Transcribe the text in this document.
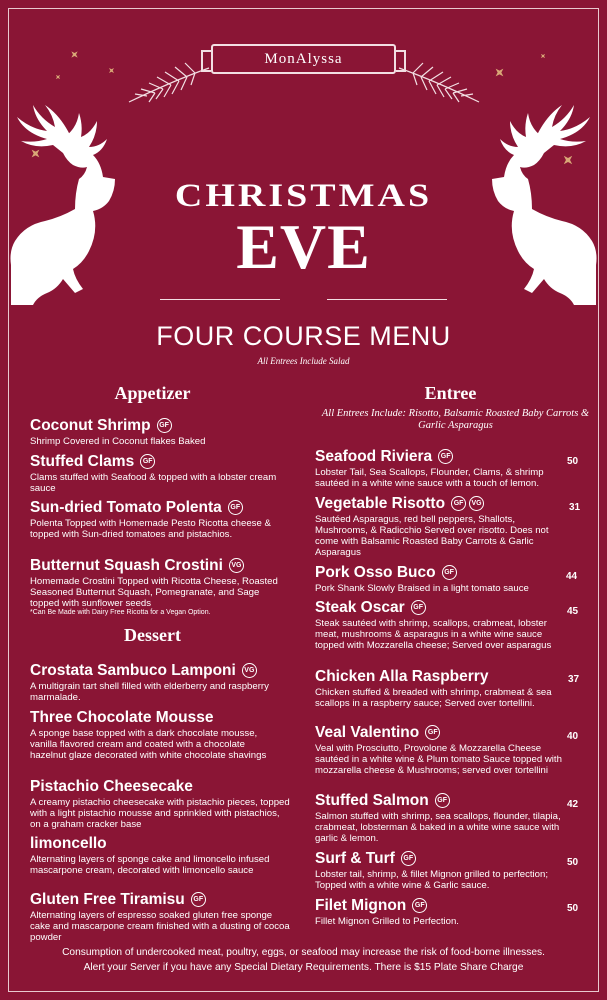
MonAlyssa
CHRISTMAS
EVE
FOUR COURSE MENU
All Entrees Include Salad
Appetizer	Entree
All Entrees Include: Risotto, Balsamic Roasted Baby Carrots & Garlic Asparagus
Dessert
Coconut Shrimp	GF
Shrimp Covered in Coconut flakes Baked
Stuffed Clams	GF
Clams stuffed with Seafood & topped with a lobster cream sauce
Sun-dried Tomato Polenta	GF
Polenta Topped with Homemade Pesto Ricotta cheese & topped with Sun-dried tomatoes and pistachios.
Butternut Squash Crostini	VG
Homemade Crostini Topped with Ricotta Cheese, Roasted Seasoned Butternut Squash, Pomegranate, and Sage topped with sunflower seeds
*Can Be Made with Dairy Free Ricotta for a Vegan Option.
Crostata Sambuco Lamponi	VG
A multigrain tart shell filled with elderberry and raspberry marmalade.
Three Chocolate Mousse
A sponge base topped with a dark chocolate mousse, vanilla flavored cream and coated with a chocolate hazelnut glaze decorated with white chocolate shavings
Pistachio Cheesecake
A creamy pistachio cheesecake with pistachio pieces, topped with a light pistachio mousse and sprinkled with pistachios, on a graham cracker base
limoncello
Alternating layers of sponge cake and limoncello infused mascarpone cream, decorated with limoncello sauce
Gluten Free Tiramisu	GF
Alternating layers of espresso soaked gluten free sponge cake and mascarpone cream finished with a dusting of cocoa powder
Seafood Riviera	GF
Lobster Tail, Sea Scallops, Flounder, Clams, & shrimp sautéed in a white wine sauce with a touch of lemon.
50
Vegetable Risotto	GF	VG
Sautéed Asparagus, red bell peppers, Shallots, Mushrooms, & Radicchio Served over risotto. Does not come with Balsamic Roasted Baby Carrots & Garlic Asparagus
31
Pork Osso Buco	GF
Pork Shank Slowly Braised in a light tomato sauce
44
Steak Oscar	GF
Steak sautéed with shrimp, scallops, crabmeat, lobster meat, mushrooms & asparagus in a white wine sauce topped with Mozzarella cheese; Served over asparagus
45
Chicken Alla Raspberry
Chicken stuffed & breaded with shrimp, crabmeat & sea scallops in a raspberry sauce; Served over tortellini.
37
Veal Valentino	GF
Veal with Prosciutto, Provolone & Mozzarella Cheese sautéed in a white wine & Plum tomato Sauce topped with mozzarella cheese & Mushrooms; served over tortellini
40
Stuffed Salmon	GF
Salmon stuffed with shrimp, sea scallops, flounder, tilapia, crabmeat, lobsterman & baked in a white wine sauce with garlic & lemon.
42
Surf & Turf	GF
Lobster tail, shrimp, & fillet Mignon grilled to perfection; Topped with a white wine & Garlic sauce.
50
Filet Mignon	GF
Fillet Mignon Grilled to Perfection.
50
Consumption of undercooked meat, poultry, eggs, or seafood may increase the risk of food-borne illnesses.
Alert your Server if you have any Special Dietary Requirements. There is $15 Plate Share Charge
